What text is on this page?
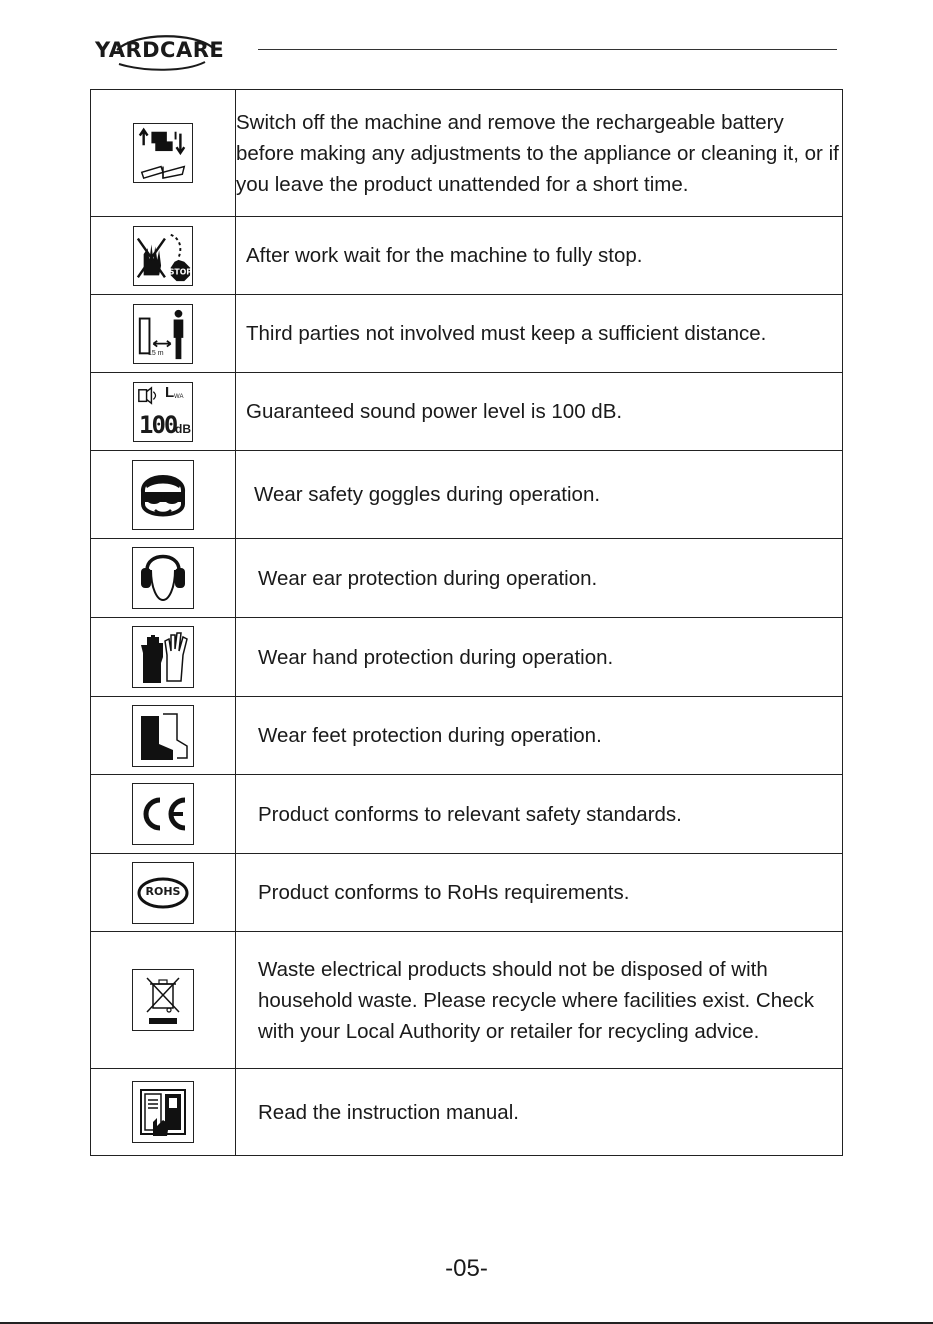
YARDCARE
	Switch off the machine and remove the rechargeable battery before making any adjustments to the appliance or cleaning it, or if you leave the product unattended for a short time.

STOP	After work wait for the machine to fully stop.

15 m	Third parties not involved must keep a sufficient distance.

L WA
100
dB	Guaranteed sound power level is 100 dB.

	Wear safety goggles during operation.

	Wear ear protection during operation.

	Wear hand protection during operation.

	Wear feet protection during operation.

	Product conforms to relevant safety standards.

ROHS	Product conforms to RoHs requirements.

	Waste electrical products should not be disposed of with household waste. Please recycle where facilities exist. Check with your Local Authority or retailer for recycling advice.

	Read the instruction manual.
-05-
